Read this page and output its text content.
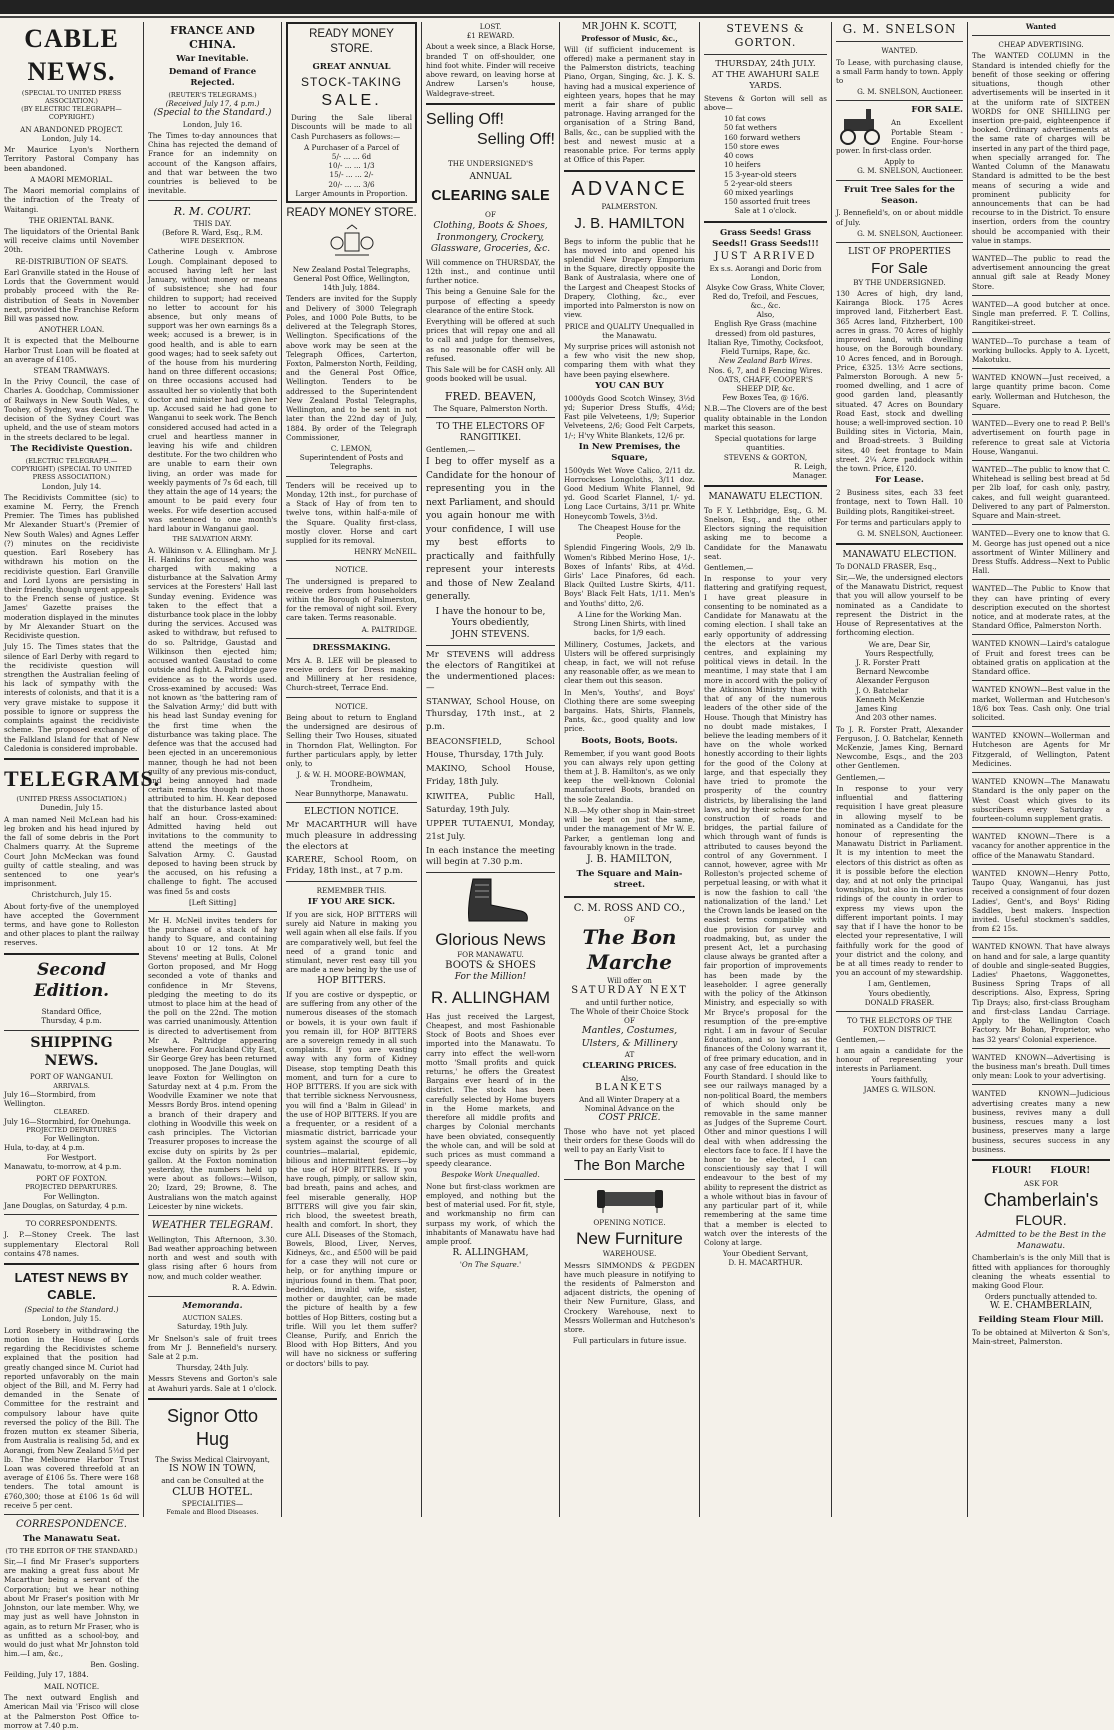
CABLE NEWS.
(SPECIAL TO UNITED PRESS ASSOCIATION.)
(BY ELECTRIC TELEGRAPH—COPYRIGHT.)
AN ABANDONED PROJECT.
London, July 14.

Mr Maurice Lyon's Northern Territory Pastoral Company has been abandoned.

A MAORI MEMORIAL.

The Maori memorial complains of the infraction of the Treaty of Waitangi.

THE ORIENTAL BANK.

The liquidators of the Oriental Bank will receive claims until November 20th.

RE-DISTRIBUTION OF SEATS.

Earl Granville stated in the House of Lords that the Government would probably proceed with the Re-distribution of Seats in November next, provided the Franchise Reform Bill was passed now.

ANOTHER LOAN.

It is expected that the Melbourne Harbor Trust Loan will be floated at an average of £105.

STEAM TRAMWAYS.

In the Privy Council, the case of Charles A. Goodchap, Commissioner of Railways in New South Wales, v. Toohey, of Sydney, was decided. The decision of the Sydney Court was upheld, and the use of steam motors in the streets declared to be legal.

The Recidiviste Question.
(ELECTRIC TELEGRAPH.—COPYRIGHT) (SPECIAL TO UNITED PRESS ASSOCIATION.)
London, July 14.

The Recidivists Committee (sic) to examine M. Ferry, the French Premier. The Times has published Mr Alexander Stuart's (Premier of New South Wales) and Agnes Leffer (?) minutes on the recidiviste question. Earl Rosebery has withdrawn his motion on the recidiviste question. Earl Granville and Lord Lyons are persisting in their friendly, though urgent appeals to the French sense of justice. St James' Gazette praises the moderation displayed in the minutes by Mr Alexander Stuart on the Recidiviste question.

July 15. The Times states that the silence of Earl Derby with regard to the recidiviste question will strengthen the Australian feeling of his lack of sympathy with the interests of colonists, and that it is a very grave mistake to suppose it possible to ignore or suppress the complaints against the recidiviste scheme. The proposed exchange of the Falkland Island for that of New Caledonia is considered improbable.

TELEGRAMS.
(UNITED PRESS ASSOCIATION.)
Dunedin, July 15.

A man named Neil McLean had his leg broken and his head injured by the fall of some debris in the Port Chalmers quarry. At the Supreme Court John McMeckan was found guilty of cattle stealing, and was sentenced to one year's imprisonment.

Christchurch, July 15.

About forty-five of the unemployed have accepted the Government terms, and have gone to Rolleston and other places to plant the railway reserves.

Second Edition.
Standard Office,
Thursday, 4 p.m.
SHIPPING NEWS.
PORT OF WANGANUI.
ARRIVALS.
July 16—Stormbird, from Wellington.
CLEARED.
July 16—Stormbird, for Onehunga.
PROJECTED DEPARTURES
For Wellington.
Hula, to-day, at 4 p.m.
For Westport.
Manawatu, to-morrow, at 4 p.m.
PORT OF FOXTON.
PROJECTED DEPARTURES.
For Wellington.
Jane Douglas, on Saturday, 4 p.m.
TO CORRESPONDENTS.

J. P.—Stoney Creek. The last supplementary Electoral Roll contains 478 names.

LATEST NEWS BY CABLE.
(Special to the Standard.)
London, July 15.

Lord Rosebery in withdrawing the motion in the House of Lords regarding the Recidivistes scheme explained that the position had greatly changed since M. Curiot had reported unfavorably on the main object of the Bill, and M. Ferry had demanded in the Senate of Committee for the restraint and compulsory labour have quite reversed the policy of the Bill. The frozen mutton ex steamer Siberia, from Australia is realising 5d, and ex Aorangi, from New Zealand 5½d per lb. The Melbourne Harbor Trust Loan was covered threefold at an average of £106 5s. There were 168 tenders. The total amount is £760,300; those at £106 1s 6d will receive 5 per cent.

CORRESPONDENCE.
The Manawatu Seat.
(TO THE EDITOR OF THE STANDARD.)

Sir,—I find Mr Fraser's supporters are making a great fuss about Mr Macarthur being a servant of the Corporation; but we hear nothing about Mr Fraser's position with Mr Johnston, our late member. Why, we may just as well have Johnston in again, as to return Mr Fraser, who is as unfitted as a school-boy, and would do just what Mr Johnston told him.—I am, &c.,

Ben. Gosling.
Feilding, July 17, 1884.
MAIL NOTICE.

The next outward English and American Mail via 'Frisco will close at the Palmerston Post Office to-morrow at 7.40 p.m.

FRANCE AND CHINA.
War Inevitable.
Demand of France Rejected.
(REUTER'S TELEGRAMS.)
(Received July 17, 4 p.m.)
(Special to the Standard.)
London, July 16.

The Times to-day announces that China has rejected the demand of France for an indemnity on account of the Kangson affairs, and that war between the two countries is believed to be inevitable.

R. M. COURT.
THIS DAY.
(Before R. Ward, Esq., R.M.
WIFE DESERTION.

Catherine Lough v. Ambrose Lough. Complainant deposed to accused having left her last January, without money or means of subsistence; she had four children to support; had received no letter to account for his absence, but only means of support was her own earnings 8s a week; accused is a brewer, is in good health, and is able to earn good wages; had to seek safety out of the house from his murdering hand on three different occasions; on three occasions accused had assaulted her so violently that both doctor and minister had given her up. Accused said he had gone to Wanganui to seek work. The Bench considered accused had acted in a cruel and heartless manner in leaving his wife and children destitute. For the two children who are unable to earn their own living, an order was made for weekly payments of 7s 6d each, till they attain the age of 14 years; the amount to be paid every four weeks. For wife desertion accused was sentenced to one month's hard labour in Wanganui gaol.

THE SALVATION ARMY.

A. Wilkinson v. A. Ellingham. Mr J. H. Hankins for accused, who was charged with making a disturbance at the Salvation Army services at the Foresters' Hall last Sunday evening. Evidence was taken to the effect that a disturbance took place in the lobby during the services. Accused was asked to withdraw, but refused to do so. Paltridge, Gaustad and Wilkinson then ejected him; accused wanted Gaustad to come outside and fight. A. Paltridge gave evidence as to the words used. Cross-examined by accused: Was not known as 'the battering ram of the Salvation Army;' did butt with his head last Sunday evening for the first time when the disturbance was taking place. The defence was that the accused had been ejected in an unceremonious manner, though he had not been guilty of any previous mis-conduct, and being annoyed had made certain remarks though not those attributed to him. H. Kear deposed that the disturbance lasted about half an hour. Cross-examined: Admitted having held out invitations to the community to attend the meetings of the Salvation Army. C. Gaustad deposed to having been struck by the accused, on his refusing a challenge to fight. The accused was fined 5s and costs

[Left Sitting]

Mr H. McNeil invites tenders for the purchase of a stack of hay handy to Square, and containing about 10 or 12 tons. At Mr Stevens' meeting at Bulls, Colonel Gorton proposed, and Mr Hogg seconded a vote of thanks and confidence in Mr Stevens, pledging the meeting to do its utmost to place him at the head of the poll on the 22nd. The motion was carried unanimously. Attention is directed to advertisement from Mr A. Paltridge appearing elsewhere. For Auckland City East, Sir George Grey has been returned unopposed. The Jane Douglas, will leave Foxton for Wellington on Saturday next at 4 p.m. From the Woodville Examiner we note that Messrs Bordy Bros. intend opening a branch of their drapery and clothing in Woodville this week on cash principles. The Victorian Treasurer proposes to increase the excise duty on spirits by 2s per gallon. At the Foxton nomination yesterday, the numbers held up were about as follows:—Wilson, 20; Izard, 29; Browne, 8. The Australians won the match against Leicester by nine wickets.

WEATHER TELEGRAM.

Wellington, This Afternoon, 3.30. Bad weather approaching between north and west and south with glass rising after 6 hours from now, and much colder weather.

R. A. Edwin.
Memoranda.
AUCTION SALES.
Saturday, 19th July.

Mr Snelson's sale of fruit trees from Mr J. Bennefield's nursery. Sale at 2 p.m.

Thursday, 24th July.

Messrs Stevens and Gorton's sale at Awahuri yards. Sale at 1 o'clock.

Signor Otto Hug
The Swiss Medical Clairvoyant,
IS NOW IN TOWN,
and can be Consulted at the
CLUB HOTEL.
SPECIALITIES—
Female and Blood Diseases.
READY MONEY STORE.
GREAT ANNUAL
STOCK-TAKING
SALE.

During the Sale liberal Discounts will be made to all Cash Purchasers as follows:—

A Purchaser of a Parcel of
5/- ... ... 6d
10/- ... ... 1/3
15/- ... ... 2/-
20/- ... ... 3/6
Larger Amounts in Proportion.
READY MONEY STORE.
New Zealand Postal Telegraphs, General Post Office, Wellington, 14th July, 1884.

Tenders are invited for the Supply and Delivery of 3000 Telegraph Poles, and 1000 Pole Butts, to be delivered at the Telegraph Stores, Wellington. Specifications of the above work may be seen at the Telegraph Offices, Carterton, Foxton, Palmerston North, Feilding, and the General Post Office, Wellington. Tenders to be addressed to the Superintendent New Zealand Postal Telegraphs, Wellington, and to be sent in not later than the 22nd day of July, 1884. By order of the Telegraph Commissioner,

C. LEMON,
Superintendent of Posts and Telegraphs.

Tenders will be received up to Monday, 12th inst., for purchase of a Stack of Hay of from ten to twelve tons, within half-a-mile of the Square. Quality first-class, mostly clover. Horse and cart supplied for its removal.

HENRY McNEIL.
NOTICE.

The undersigned is prepared to receive orders from householders within the Borough of Palmerston, for the removal of night soil. Every care taken. Terms reasonable.

A. PALTRIDGE.
DRESSMAKING.

Mrs A. B. LEE will be pleased to receive orders for Dress making and Millinery at her residence, Church-street, Terrace End.

NOTICE.

Being about to return to England the undersigned are desirous of Selling their Two Houses, situated in Thorndon Flat, Wellington. For further particulars apply, by letter only, to

J. & W. H. MOORE-BOWMAN,
Trondheim,
Near Bunnythorpe, Manawatu.
ELECTION NOTICE.

Mr MACARTHUR will have much pleasure in addressing the electors at

KARERE, School Room, on Friday, 18th inst., at 7 p.m.

REMEMBER THIS.
IF YOU ARE SICK.

If you are sick, HOP BITTERS will surely aid Nature in making you well again when all else fails. If you are comparatively well, but feel the need of a grand tonic and stimulant, never rest easy till you are made a new being by the use of

HOP BITTERS.

If you are costive or dyspeptic, or are suffering from any other of the numerous diseases of the stomach or bowels, it is your own fault if you remain ill, for HOP BITTERS are a sovereign remedy in all such complaints. If you are wasting away with any form of Kidney Disease, stop tempting Death this moment, and turn for a cure to HOP BITTERS. If you are sick with that terrible sickness Nervousness, you will find a 'Balm in Gilead' in the use of HOP BITTERS. If you are a frequenter, or a resident of a miasmatic district, barricade your system against the scourge of all countries—malarial, epidemic, bilious and intermittent fevers—by the use of HOP BITTERS. If you have rough, pimply, or sallow skin, bad breath, pains and aches, and feel miserable generally, HOP BITTERS will give you fair skin, rich blood, the sweetest breath, health and comfort. In short, they cure ALL Diseases of the Stomach, Bowels, Blood, Liver, Nerves, Kidneys, &c., and £500 will be paid for a case they will not cure or help, or for anything impure or injurious found in them. That poor, bedridden, invalid wife, sister, mother or daughter, can be made the picture of health by a few bottles of Hop Bitters, costing but a trifle. Will you let them suffer? Cleanse, Purify, and Enrich the Blood with Hop Bitters, And you will have no sickness or suffering or doctors' bills to pay.

LOST.
£1 REWARD.

About a week since, a Black Horse, branded T on off-shoulder, one hind foot white. Finder will receive above reward, on leaving horse at Andrew Larsen's house, Waldegrave-street.

Selling Off!
Selling Off!
THE UNDERSIGNED'S
ANNUAL
CLEARING SALE
OF

Clothing, Boots & Shoes, Ironmongery, Crockery, Glassware, Groceries, &c.

Will commence on THURSDAY, the 12th inst., and continue until further notice.

This being a Genuine Sale for the purpose of effecting a speedy clearance of the entire Stock.

Everything will be offered at such prices that will repay one and all to call and judge for themselves, as no reasonable offer will be refused.

This Sale will be for CASH only. All goods booked will be usual.

FRED. BEAVEN,
The Square, Palmerston North.
TO THE ELECTORS OF RANGITIKEI.
Gentlemen,—

I beg to offer myself as a Candidate for the honour of representing you in the next Parliament, and should you again honour me with your confidence, I will use my best efforts to practically and faithfully represent your interests and those of New Zealand generally.

I have the honour to be,
Yours obediently,
JOHN STEVENS.

Mr STEVENS will address the electors of Rangitikei at the undermentioned places:—

STANWAY, School House, on Thursday, 17th inst., at 2 p.m.

BEACONSFIELD, School House, Thursday, 17th July.

MAKINO, School House, Friday, 18th July.

KIWITEA, Public Hall, Saturday, 19th July.

UPPER TUTAENUI, Monday, 21st July.

In each instance the meeting will begin at 7.30 p.m.

Glorious News
FOR MANAWATU.
BOOTS & SHOES
For the Million!
R. ALLINGHAM

Has just received the Largest, Cheapest, and most Fashionable Stock of Boots and Shoes ever imported into the Manawatu. To carry into effect the well-worn motto 'Small profits and quick returns,' he offers the Greatest Bargains ever heard of in the district. The stock has been carefully selected by Home buyers in the Home markets, and therefore all middle profits and charges by Colonial merchants have been obviated, consequently the whole can, and will be sold at such prices as must command a speedy clearance.

Bespoke Work Unequalled.

None but first-class workmen are employed, and nothing but the best of material used. For fit, style, and workmanship no firm can surpass my work, of which the inhabitants of Manawatu have had ample proof.

R. ALLINGHAM,
'On The Square.'
MR JOHN K. SCOTT,
Professor of Music, &c.,

Will (if sufficient inducement is offered) make a permanent stay in the Palmerston districts, teaching Piano, Organ, Singing, &c. J. K. S. having had a musical experience of eighteen years, hopes that he may merit a fair share of public patronage. Having arranged for the organisation of a String Band, Balls, &c., can be supplied with the best and newest music at a reasonable price. For terms apply at Office of this Paper.

ADVANCE
PALMERSTON.
J. B. HAMILTON

Begs to inform the public that he has moved into and opened his splendid New Drapery Emporium in the Square, directly opposite the Bank of Australasia, where one of the Largest and Cheapest Stocks of Drapery, Clothing, &c., ever imported into Palmerston is now on view.

PRICE and QUALITY Unequalled in the Manawatu.

My surprise prices will astonish not a few who visit the new shop, comparing them with what they have been paying elsewhere.

YOU CAN BUY

1000yds Good Scotch Winsey, 3½d yd; Superior Dress Stuffs, 4½d; Fast pile Velveteens, 1/9; Superior Velveteens, 2/6; Good Felt Carpets, 1/-; H'vy White Blankets, 12/6 pr.

In New Premises, the Square,

1500yds Wet Wove Calico, 2/11 dz. Horrockses Longcloths, 3/11 doz. Good Medium White Flannel, 9d yd. Good Scarlet Flannel, 1/- yd. Long Lace Curtains, 3/11 pr. White Honeycomb Towels, 3½d.

The Cheapest House for the People.

Splendid Fingering Wools, 2/9 lb. Women's Ribbed Merino Hose, 1/-. Boxes of Infants' Ribs, at 4½d. Girls' Lace Pinafores, 6d each. Black Quilted Lustre Skirts, 4/11. Boys' Black Felt Hats, 1/11. Men's and Youths' ditto, 2/6.

A Line for the Working Man.
Strong Linen Shirts, with lined backs, for 1/9 each.

Millinery, Costumes, Jackets, and Ulsters will be offered surprisingly cheap, in fact, we will not refuse any reasonable offer, as we mean to clear them out this season.

In Men's, Youths', and Boys' Clothing there are some sweeping bargains. Hats, Shirts, Flannels, Pants, &c., good quality and low price.

Boots, Boots, Boots.

Remember, if you want good Boots you can always rely upon getting them at J. B. Hamilton's, as we only keep the well-known Colonial manufactured Boots, branded on the sole Zealandia.

N.B.—My other shop in Main-street will be kept on just the same, under the management of Mr W. E. Parker, a gentleman long and favourably known in the trade.

J. B. HAMILTON,
The Square and Main-street.
C. M. ROSS AND CO.,
OF
The Bon Marche
Will offer on
SATURDAY NEXT
and until further notice,
The Whole of their Choice Stock
OF
Mantles, Costumes, Ulsters, & Millinery
AT
CLEARING PRICES.
Also,
BLANKETS
And all Winter Drapery at a Nominal Advance on the
COST PRICE.

Those who have not yet placed their orders for these Goods will do well to pay an Early Visit to

The Bon Marche
OPENING NOTICE.
New Furniture
WAREHOUSE.

Messrs SIMMONDS & PEGDEN have much pleasure in notifying to the residents of Palmerston and adjacent districts, the opening of their New Furniture, Glass, and Crockery Warehouse, next to Messrs Wollerman and Hutcheson's store.

Full particulars in future issue.
STEVENS & GORTON.
THURSDAY, 24th JULY.
AT THE AWAHURI SALE YARDS.

Stevens & Gorton will sell as above—

10 fat cows
50 fat wethers
160 forward wethers
150 store ewes
40 cows
10 heifers
15 3-year-old steers
5 2-year-old steers
60 mixed yearlings
150 assorted fruit trees
Sale at 1 o'clock.
Grass Seeds! Grass Seeds!! Grass Seeds!!!
JUST ARRIVED
Ex s.s. Aorangi and Doric from London,
Alsyke Cow Grass, White Clover, Red do, Trefoil, and Fescues, &c., &c.
Also,
English Rye Grass (machine dressed) from old pastures, Italian Rye, Timothy, Cocksfoot, Field Turnips, Rape, &c.
New Zealand Barb Wires.
Nos. 6, 7, and 8 Fencing Wires.
OATS, CHAFF, COOPER'S SHEEP DIP, &c.
Few Boxes Tea, @ 16/6.

N.B.—The Clovers are of the best quality obtainable in the London market this season.

Special quotations for large quantities.
STEVENS & GORTON,
R. Leigh,
Manager.
MANAWATU ELECTION.

To F. Y. Lethbridge, Esq., G. M. Snelson, Esq., and the other Electors signing the requisition asking me to become a Candidate for the Manawatu seat.

Gentlemen,—

In response to your very flattering and gratifying request, I have great pleasure in consenting to be nominated as a Candidate for Manawatu at the coming election. I shall take an early opportunity of addressing the electors at the various centres, and explaining my political views in detail. In the meantime, I may state that I am more in accord with the policy of the Atkinson Ministry than with that of any of the numerous leaders of the other side of the House. Though that Ministry has no doubt made mistakes, I believe the leading members of it have on the whole worked honestly according to their lights for the good of the Colony at large, and that especially they have tried to promote the prosperity of the country districts, by liberalising the land laws, and by their scheme for the construction of roads and bridges, the partial failure of which through want of funds is attributed to causes beyond the control of any Government. I cannot, however, agree with Mr Rolleston's projected scheme of perpetual leasing, or with what it is now the fashion to call 'the nationalization of the land.' Let the Crown lands be leased on the easiest terms compatible with due provision for survey and roadmaking, but, as under the present Act, let a purchasing clause always be granted after a fair proportion of improvements has been made by the leaseholder. I agree generally with the policy of the Atkinson Ministry, and especially so with Mr Bryce's proposal for the resumption of the pre-emptive right. I am in favour of Secular Education, and so long as the finances of the Colony warrant it, of free primary education, and in any case of free education in the Fourth Standard. I should like to see our railways managed by a non-political Board, the members of which should only be removable in the same manner as Judges of the Supreme Court. Other and minor questions I will deal with when addressing the electors face to face. If I have the honor to be elected, I can conscientiously say that I will endeavour to the best of my ability to represent the district as a whole without bias in favour of any particular part of it, while remembering at the same time that a member is elected to watch over the interests of the Colony at large.

Your Obedient Servant,
D. H. MACARTHUR.
G. M. SNELSON
WANTED.

To Lease, with purchasing clause, a small Farm handy to town. Apply to

G. M. SNELSON, Auctioneer.
FOR SALE.

An Excellent Portable Steam - Engine. Four-horse power. In first-class order.

Apply to
G. M. SNELSON, Auctioneer.
Fruit Tree Sales for the Season.

J. Bennefield's, on or about middle of July.

G. M. SNELSON, Auctioneer.
LIST OF PROPERTIES
For Sale
BY THE UNDERSIGNED.

130 Acres of high, dry land, Kairanga Block. 175 Acres improved land, Fitzherbert East. 365 Acres land, Fitzherbert, 100 acres in grass. 70 Acres of highly improved land, with dwelling house, on the Borough boundary. 10 Acres fenced, and in Borough. Price, £325. 13½ Acre sections, Palmerston Borough. A new 5-roomed dwelling, and 1 acre of good garden land, pleasantly situated. 47 Acres on Boundary Road East, stock and dwelling house; a well-improved section. 10 Building sites in Victoria, Main, and Broad-streets. 3 Building sites, 40 feet frontage to Main street. 2¼ Acre paddock within the town. Price, £120.

For Lease.

2 Business sites, each 33 feet frontage, next to Town Hall. 10 Building plots, Rangitikei-street.

For terms and particulars apply to

G. M. SNELSON, Auctioneer.
MANAWATU ELECTION.
To DONALD FRASER, Esq.,

Sir,—We, the undersigned electors of the Manawatu District, request that you will allow yourself to be nominated as a Candidate to represent the District in the House of Representatives at the forthcoming election.

We are, Dear Sir,
Yours Respectfully,
J. R. Forster Pratt
Bernard Newcombe
Alexander Ferguson
J. O. Batchelar
Kenneth McKenzie
James King
And 203 other names.

To J. R. Forster Pratt, Alexander Ferguson, J. O. Batchelar, Kenneth McKenzie, James King, Bernard Newcombe, Esqs., and the 203 other Gentlemen.

Gentlemen,—

In response to your very influential and flattering requisition I have great pleasure in allowing myself to be nominated as a Candidate for the honour of representing the Manawatu District in Parliament. It is my intention to meet the electors of this district as often as it is possible before the election day, and at not only the principal townships, but also in the various ridings of the county in order to express my views upon the different important points. I may say that if I have the honor to be elected your representative, I will faithfully work for the good of your district and the colony, and be at all times ready to render to you an account of my stewardship.

I am, Gentlemen,
Yours obediently,
DONALD FRASER.
TO THE ELECTORS OF THE FOXTON DISTRICT.
Gentlemen,—

I am again a candidate for the honour of representing your interests in Parliament.

Yours faithfully,
JAMES G. WILSON.
Wanted
CHEAP ADVERTISING.

The WANTED COLUMN in the Standard is intended chiefly for the benefit of those seeking or offering situations, though other advertisements will be inserted in it at the uniform rate of SIXTEEN WORDS for ONE SHILLING per insertion pre-paid, eighteenpence if booked. Ordinary advertisements at the same rate of charges will be inserted in any part of the third page, when specially arranged for. The Wanted Column of the Manawatu Standard is admitted to be the best means of securing a wide and prominent publicity for announcements that can be had recourse to in the District. To ensure insertion, orders from the country should be accompanied with their value in stamps.

WANTED—The public to read the advertisement announcing the great annual gift sale at Ready Money Store.

WANTED—A good butcher at once. Single man preferred. F. T. Collins, Rangitikei-street.

WANTED—To purchase a team of working bullocks. Apply to A. Lycett, Makotuku.

WANTED KNOWN—Just received, a large quantity prime bacon. Come early. Wollerman and Hutcheson, the Square.

WANTED—Every one to read P. Bell's advertisement on fourth page in reference to great sale at Victoria House, Wanganui.

WANTED—The public to know that C. Whitehead is selling best bread at 5d per 2lb loaf, for cash only, pastry, cakes, and full weight guaranteed. Delivered to any part of Palmerston. Square and Main-street.

WANTED—Every one to know that G. M. George has just opened out a nice assortment of Winter Millinery and Dress Stuffs. Address—Next to Public Hall.

WANTED—The Public to Know that they can have printing of every description executed on the shortest notice, and at moderate rates, at the Standard Office, Palmerston North.

WANTED KNOWN—Laird's catalogue of Fruit and forest trees can be obtained gratis on application at the Standard office.

WANTED KNOWN—Best value in the market, Wollerman and Hutcheson's 18/6 box Teas. Cash only. One trial solicited.

WANTED KNOWN—Wollerman and Hutcheson are Agents for Mr Fitzgerald, of Wellington, Patent Medicines.

WANTED KNOWN—The Manawatu Standard is the only paper on the West Coast which gives to its subscribers every Saturday a fourteen-column supplement gratis.

WANTED KNOWN—There is a vacancy for another apprentice in the office of the Manawatu Standard.

WANTED KNOWN—Henry Potto, Taupo Quay, Wanganui, has just received a consignment of four dozen Ladies', Gent's, and Boys' Riding Saddles, best makers. Inspection invited. Useful stockmen's saddles, from £2 15s.

WANTED KNOWN. That have always on hand and for sale, a large quantity of double and single-seated Buggies, Ladies' Phaetons, Waggonettes, Business Spring Traps of all descriptions. Also, Express, Spring Tip Drays; also, first-class Brougham and first-class Landau Carriage. Apply to the Wellington Coach Factory. Mr Bohan, Proprietor, who has 32 years' Colonial experience.

WANTED KNOWN—Advertising is the business man's breath. Dull times only mean: Look to your advertising.

WANTED KNOWN—Judicious advertising creates many a new business, revives many a dull business, rescues many a lost business, preserves many a large business, secures success in any business.

FLOUR!      FLOUR!
ASK FOR
Chamberlain's
FLOUR.
Admitted to be the Best in the Manawatu.

Chamberlain's is the only Mill that is fitted with appliances for thoroughly cleaning the wheats essential to making Good Flour.

Orders punctually attended to.
W. E. CHAMBERLAIN,
Feilding Steam Flour Mill.

To be obtained at Milverton & Son's, Main-street, Palmerston.
